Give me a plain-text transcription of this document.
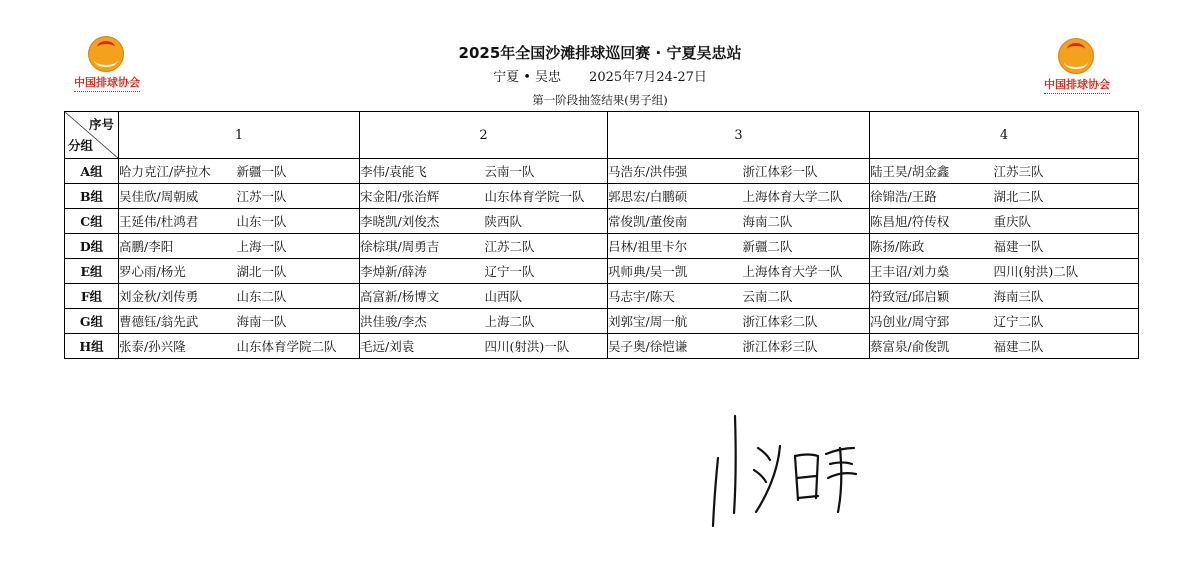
中国排球协会	中国排球协会
2025年全国沙滩排球巡回赛 · 宁夏吴忠站
宁夏 • 吴忠 2025年7月24-27日
第一阶段抽签结果(男子组)
序号
分组	1		2		3		4	
A组	哈力克江/萨拉木	新疆一队	李伟/袁能飞	云南一队	马浩东/洪伟强	浙江体彩一队	陆王昊/胡金鑫	江苏三队
B组	吴佳欣/周朝威	江苏一队	宋金阳/张治辉	山东体育学院一队	郭思宏/白鹏硕	上海体育大学二队	徐锦浩/王路	湖北二队
C组	王延伟/杜鸿君	山东一队	李晓凯/刘俊杰	陕西队	常俊凯/董俊南	海南二队	陈昌旭/符传权	重庆队
D组	高鹏/李阳	上海一队	徐棕琪/周勇吉	江苏二队	吕林/祖里卡尔	新疆二队	陈扬/陈政	福建一队
E组	罗心雨/杨光	湖北一队	李焯新/薛涛	辽宁一队	巩师典/吴一凯	上海体育大学一队	王丰诏/刘力燊	四川(射洪)二队
F组	刘金秋/刘传勇	山东二队	高富新/杨博文	山西队	马志宇/陈天	云南二队	符致冠/邱启颖	海南三队
G组	曹德钰/翁先武	海南一队	洪佳骏/李杰	上海二队	刘郭宝/周一航	浙江体彩二队	冯创业/周守郅	辽宁二队
H组	张泰/孙兴隆	山东体育学院二队	毛远/刘袁	四川(射洪)一队	吴子奥/徐恺谦	浙江体彩三队	蔡富泉/俞俊凯	福建二队
